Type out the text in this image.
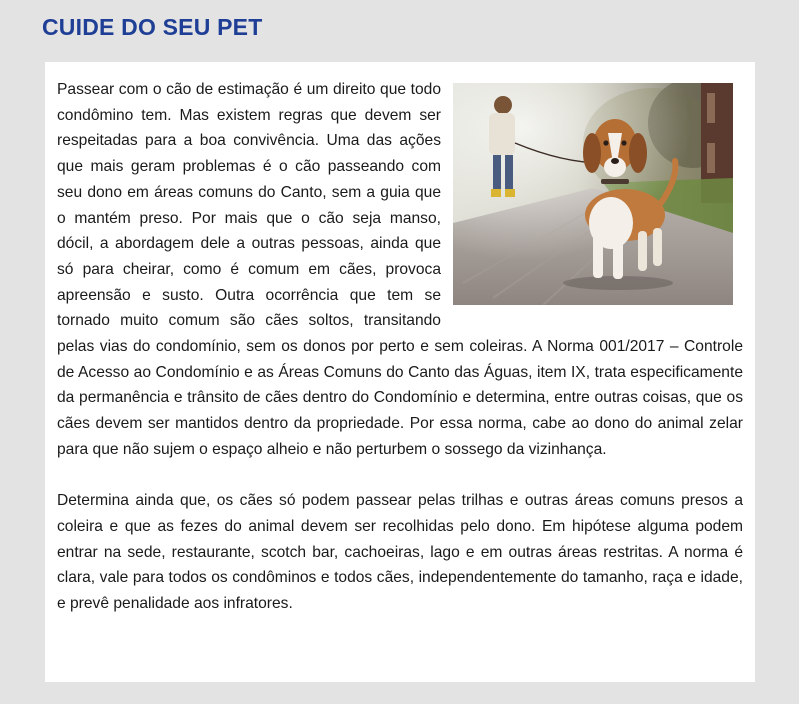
CUIDE DO SEU PET

Passear com o cão de estimação é um direito que todo condômino tem. Mas existem regras que devem ser respeitadas para a boa convivência. Uma das ações que mais geram problemas é o cão passeando com seu dono em áreas comuns do Canto, sem a guia que o mantém preso. Por mais que o cão seja manso, dócil, a abordagem dele a outras pessoas, ainda que só para cheirar, como é comum em cães, provoca apreensão e susto. Outra ocorrência que tem se tornado muito comum são cães soltos, transitando pelas vias do condomínio, sem os donos por perto e sem coleiras. A Norma 001/2017 – Controle de Acesso ao Condomínio e as Áreas Comuns do Canto das Águas, item IX, trata especificamente da permanência e trânsito de cães dentro do Condomínio e determina, entre outras coisas, que os cães devem ser mantidos dentro da propriedade. Por essa norma, cabe ao dono do animal zelar para que não sujem o espaço alheio e não perturbem o sossego da vizinhança.

Determina ainda que, os cães só podem passear pelas trilhas e outras áreas comuns presos a coleira e que as fezes do animal devem ser recolhidas pelo dono. Em hipótese alguma podem entrar na sede, restaurante, scotch bar, cachoeiras, lago e em outras áreas restritas. A norma é clara, vale para todos os condôminos e todos cães, independentemente do tamanho, raça e idade, e prevê penalidade aos infratores.
